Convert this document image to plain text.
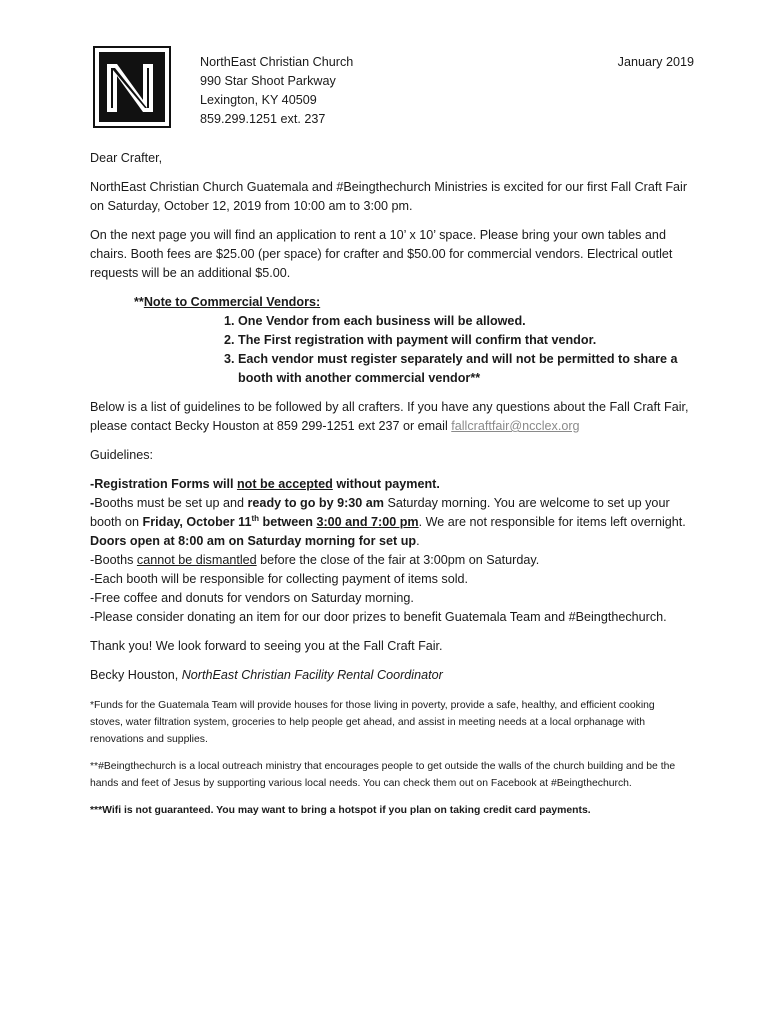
NorthEast Christian Church
990 Star Shoot Parkway
Lexington, KY 40509
859.299.1251 ext. 237
January 2019

Dear Crafter,

NorthEast Christian Church Guatemala and #Beingthechurch Ministries is excited for our first Fall Craft Fair on Saturday, October 12, 2019 from 10:00 am to 3:00 pm.

On the next page you will find an application to rent a 10’ x 10’ space. Please bring your own tables and chairs. Booth fees are $25.00 (per space) for crafter and $50.00 for commercial vendors. Electrical outlet requests will be an additional $5.00.

**Note to Commercial Vendors:
1. One Vendor from each business will be allowed.
2. The First registration with payment will confirm that vendor.
3. Each vendor must register separately and will not be permitted to share a booth with another commercial vendor**

Below is a list of guidelines to be followed by all crafters. If you have any questions about the Fall Craft Fair, please contact Becky Houston at 859 299-1251 ext 237 or email fallcraftfair@ncclex.org

Guidelines:

-Registration Forms will not be accepted without payment.

-Booths must be set up and ready to go by 9:30 am Saturday morning. You are welcome to set up your booth on Friday, October 11th between 3:00 and 7:00 pm. We are not responsible for items left overnight. Doors open at 8:00 am on Saturday morning for set up.

-Booths cannot be dismantled before the close of the fair at 3:00pm on Saturday.

-Each booth will be responsible for collecting payment of items sold.

-Free coffee and donuts for vendors on Saturday morning.

-Please consider donating an item for our door prizes to benefit Guatemala Team and #Beingthechurch.

Thank you! We look forward to seeing you at the Fall Craft Fair.

Becky Houston, NorthEast Christian Facility Rental Coordinator

*Funds for the Guatemala Team will provide houses for those living in poverty, provide a safe, healthy, and efficient cooking stoves, water filtration system, groceries to help people get ahead, and assist in meeting needs at a local orphanage with renovations and supplies.

**#Beingthechurch is a local outreach ministry that encourages people to get outside the walls of the church building and be the hands and feet of Jesus by supporting various local needs. You can check them out on Facebook at #Beingthechurch.

***Wifi is not guaranteed. You may want to bring a hotspot if you plan on taking credit card payments.
